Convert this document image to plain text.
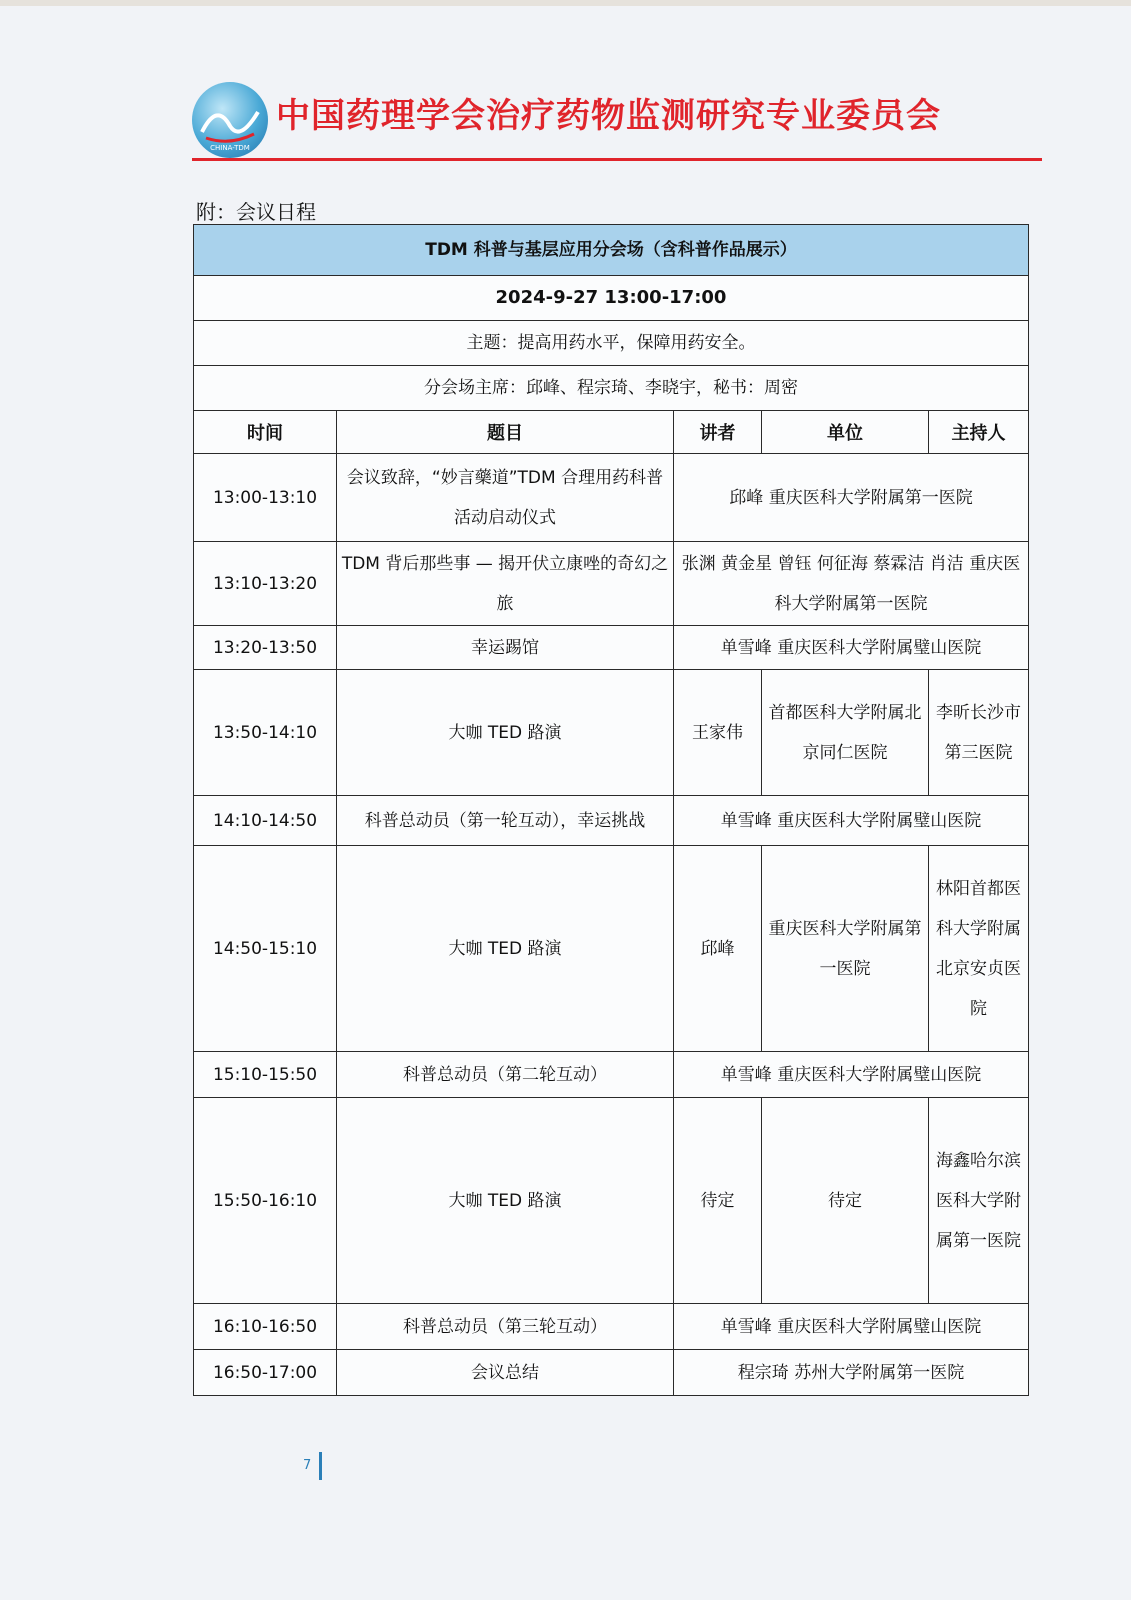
CHINA-TDM
中国药理学会治疗药物监测研究专业委员会
附：会议日程
TDM 科普与基层应用分会场（含科普作品展示）				
2024-9-27 13:00-17:00				
主题：提高用药水平，保障用药安全。				
分会场主席：邱峰、程宗琦、李晓宇，秘书：周密				
时间	题目	讲者	单位	主持人
13:00-13:10	会议致辞，“妙言藥道”TDM 合理用药科普活动启动仪式	邱峰 重庆医科大学附属第一医院		
13:10-13:20	TDM 背后那些事 — 揭开伏立康唑的奇幻之旅	张渊 黄金星 曾钰 何征海 蔡霖洁 肖洁 重庆医科大学附属第一医院		
13:20-13:50	幸运踢馆	单雪峰 重庆医科大学附属璧山医院		
13:50-14:10	大咖 TED 路演	王家伟	首都医科大学附属北京同仁医院	李昕长沙市第三医院
14:10-14:50	科普总动员（第一轮互动），幸运挑战	单雪峰 重庆医科大学附属璧山医院		
14:50-15:10	大咖 TED 路演	邱峰	重庆医科大学附属第一医院	林阳首都医科大学附属北京安贞医院
15:10-15:50	科普总动员（第二轮互动）	单雪峰 重庆医科大学附属璧山医院		
15:50-16:10	大咖 TED 路演	待定	待定	海鑫哈尔滨医科大学附属第一医院
16:10-16:50	科普总动员（第三轮互动）	单雪峰 重庆医科大学附属璧山医院		
16:50-17:00	会议总结	程宗琦 苏州大学附属第一医院		
7
